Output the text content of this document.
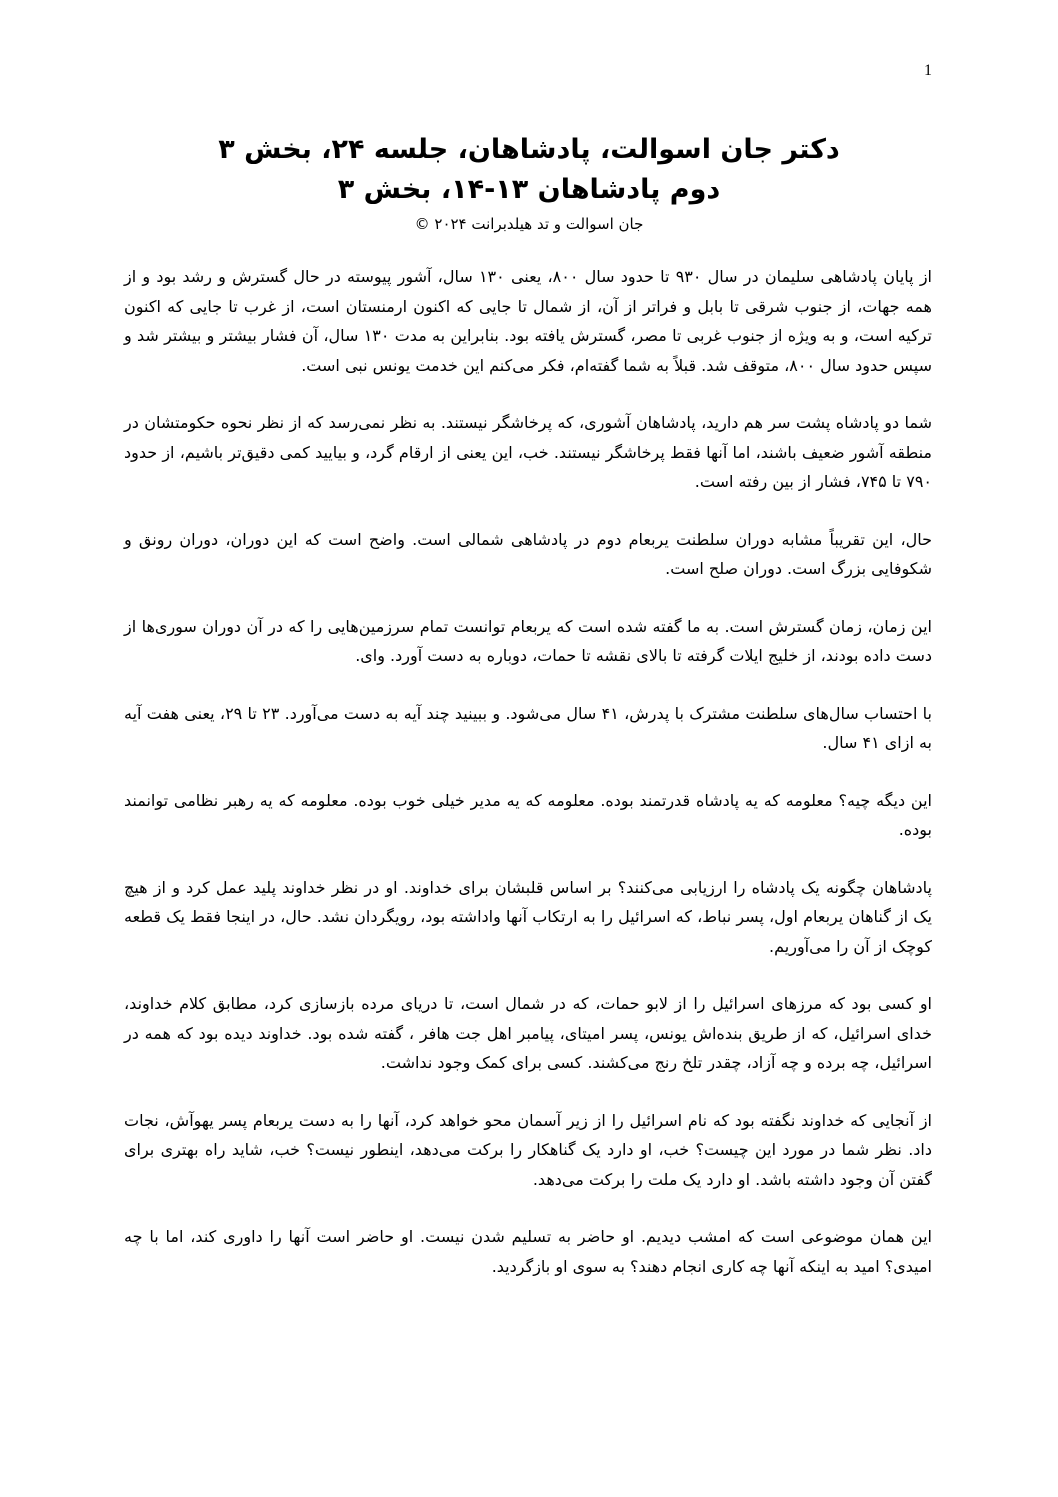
1
دکتر جان اسوالت، پادشاهان، جلسه ۲۴، بخش ۳
دوم پادشاهان ۱۳-۱۴، بخش ۳
جان اسوالت و تد هیلدبرانت ۲۰۲۴ ©

از پایان پادشاهی سلیمان در سال ۹۳۰ تا حدود سال ۸۰۰، یعنی ۱۳۰ سال، آشور پیوسته در حال گسترش و رشد بود و از همه جهات، از جنوب شرقی تا بابل و فراتر از آن، از شمال تا جایی که اکنون ارمنستان است، از غرب تا جایی که اکنون ترکیه است، و به ویژه از جنوب غربی تا مصر، گسترش یافته بود. بنابراین به مدت ۱۳۰ سال، آن فشار بیشتر و بیشتر شد و سپس حدود سال ۸۰۰، متوقف شد. قبلاً به شما گفته‌ام، فکر می‌کنم این خدمت یونس نبی است.

شما دو پادشاه پشت سر هم دارید، پادشاهان آشوری، که پرخاشگر نیستند. به نظر نمی‌رسد که از نظر نحوه حکومتشان در منطقه آشور ضعیف باشند، اما آنها فقط پرخاشگر نیستند. خب، این یعنی از ارقام گرد، و بیایید کمی دقیق‌تر باشیم، از حدود ۷۹۰ تا ۷۴۵، فشار از بین رفته است.

حال، این تقریباً مشابه دوران سلطنت یربعام دوم در پادشاهی شمالی است. واضح است که این دوران، دوران رونق و شکوفایی بزرگ است. دوران صلح است.

این زمان، زمان گسترش است. به ما گفته شده است که یربعام توانست تمام سرزمین‌هایی را که در آن دوران سوری‌ها از دست داده بودند، از خلیج ایلات گرفته تا بالای نقشه تا حمات، دوباره به دست آورد. وای.

با احتساب سال‌های سلطنت مشترک با پدرش، ۴۱ سال می‌شود. و ببینید چند آیه به دست می‌آورد. ۲۳ تا ۲۹، یعنی هفت آیه به ازای ۴۱ سال.

این دیگه چیه؟ معلومه که یه پادشاه قدرتمند بوده. معلومه که یه مدیر خیلی خوب بوده. معلومه که یه رهبر نظامی توانمند بوده.

پادشاهان چگونه یک پادشاه را ارزیابی می‌کنند؟ بر اساس قلبشان برای خداوند. او در نظر خداوند پلید عمل کرد و از هیچ یک از گناهان یربعام اول، پسر نباط، که اسرائیل را به ارتکاب آنها واداشته بود، رویگردان نشد. حال، در اینجا فقط یک قطعه کوچک از آن را می‌آوریم.

او کسی بود که مرزهای اسرائیل را از لابو حمات، که در شمال است، تا دریای مرده بازسازی کرد، مطابق کلام خداوند، خدای اسرائیل، که از طریق بنده‌اش یونس، پسر امیتای، پیامبر اهل جت هافر ، گفته شده بود. خداوند دیده بود که همه در اسرائیل، چه برده و چه آزاد، چقدر تلخ رنج می‌کشند. کسی برای کمک وجود نداشت.

از آنجایی که خداوند نگفته بود که نام اسرائیل را از زیر آسمان محو خواهد کرد، آنها را به دست یربعام پسر یهوآش، نجات داد. نظر شما در مورد این چیست؟ خب، او دارد یک گناهکار را برکت می‌دهد، اینطور نیست؟ خب، شاید راه بهتری برای گفتن آن وجود داشته باشد. او دارد یک ملت را برکت می‌دهد.

این همان موضوعی است که امشب دیدیم. او حاضر به تسلیم شدن نیست. او حاضر است آنها را داوری کند، اما با چه امیدی؟ امید به اینکه آنها چه کاری انجام دهند؟ به سوی او بازگردید.
